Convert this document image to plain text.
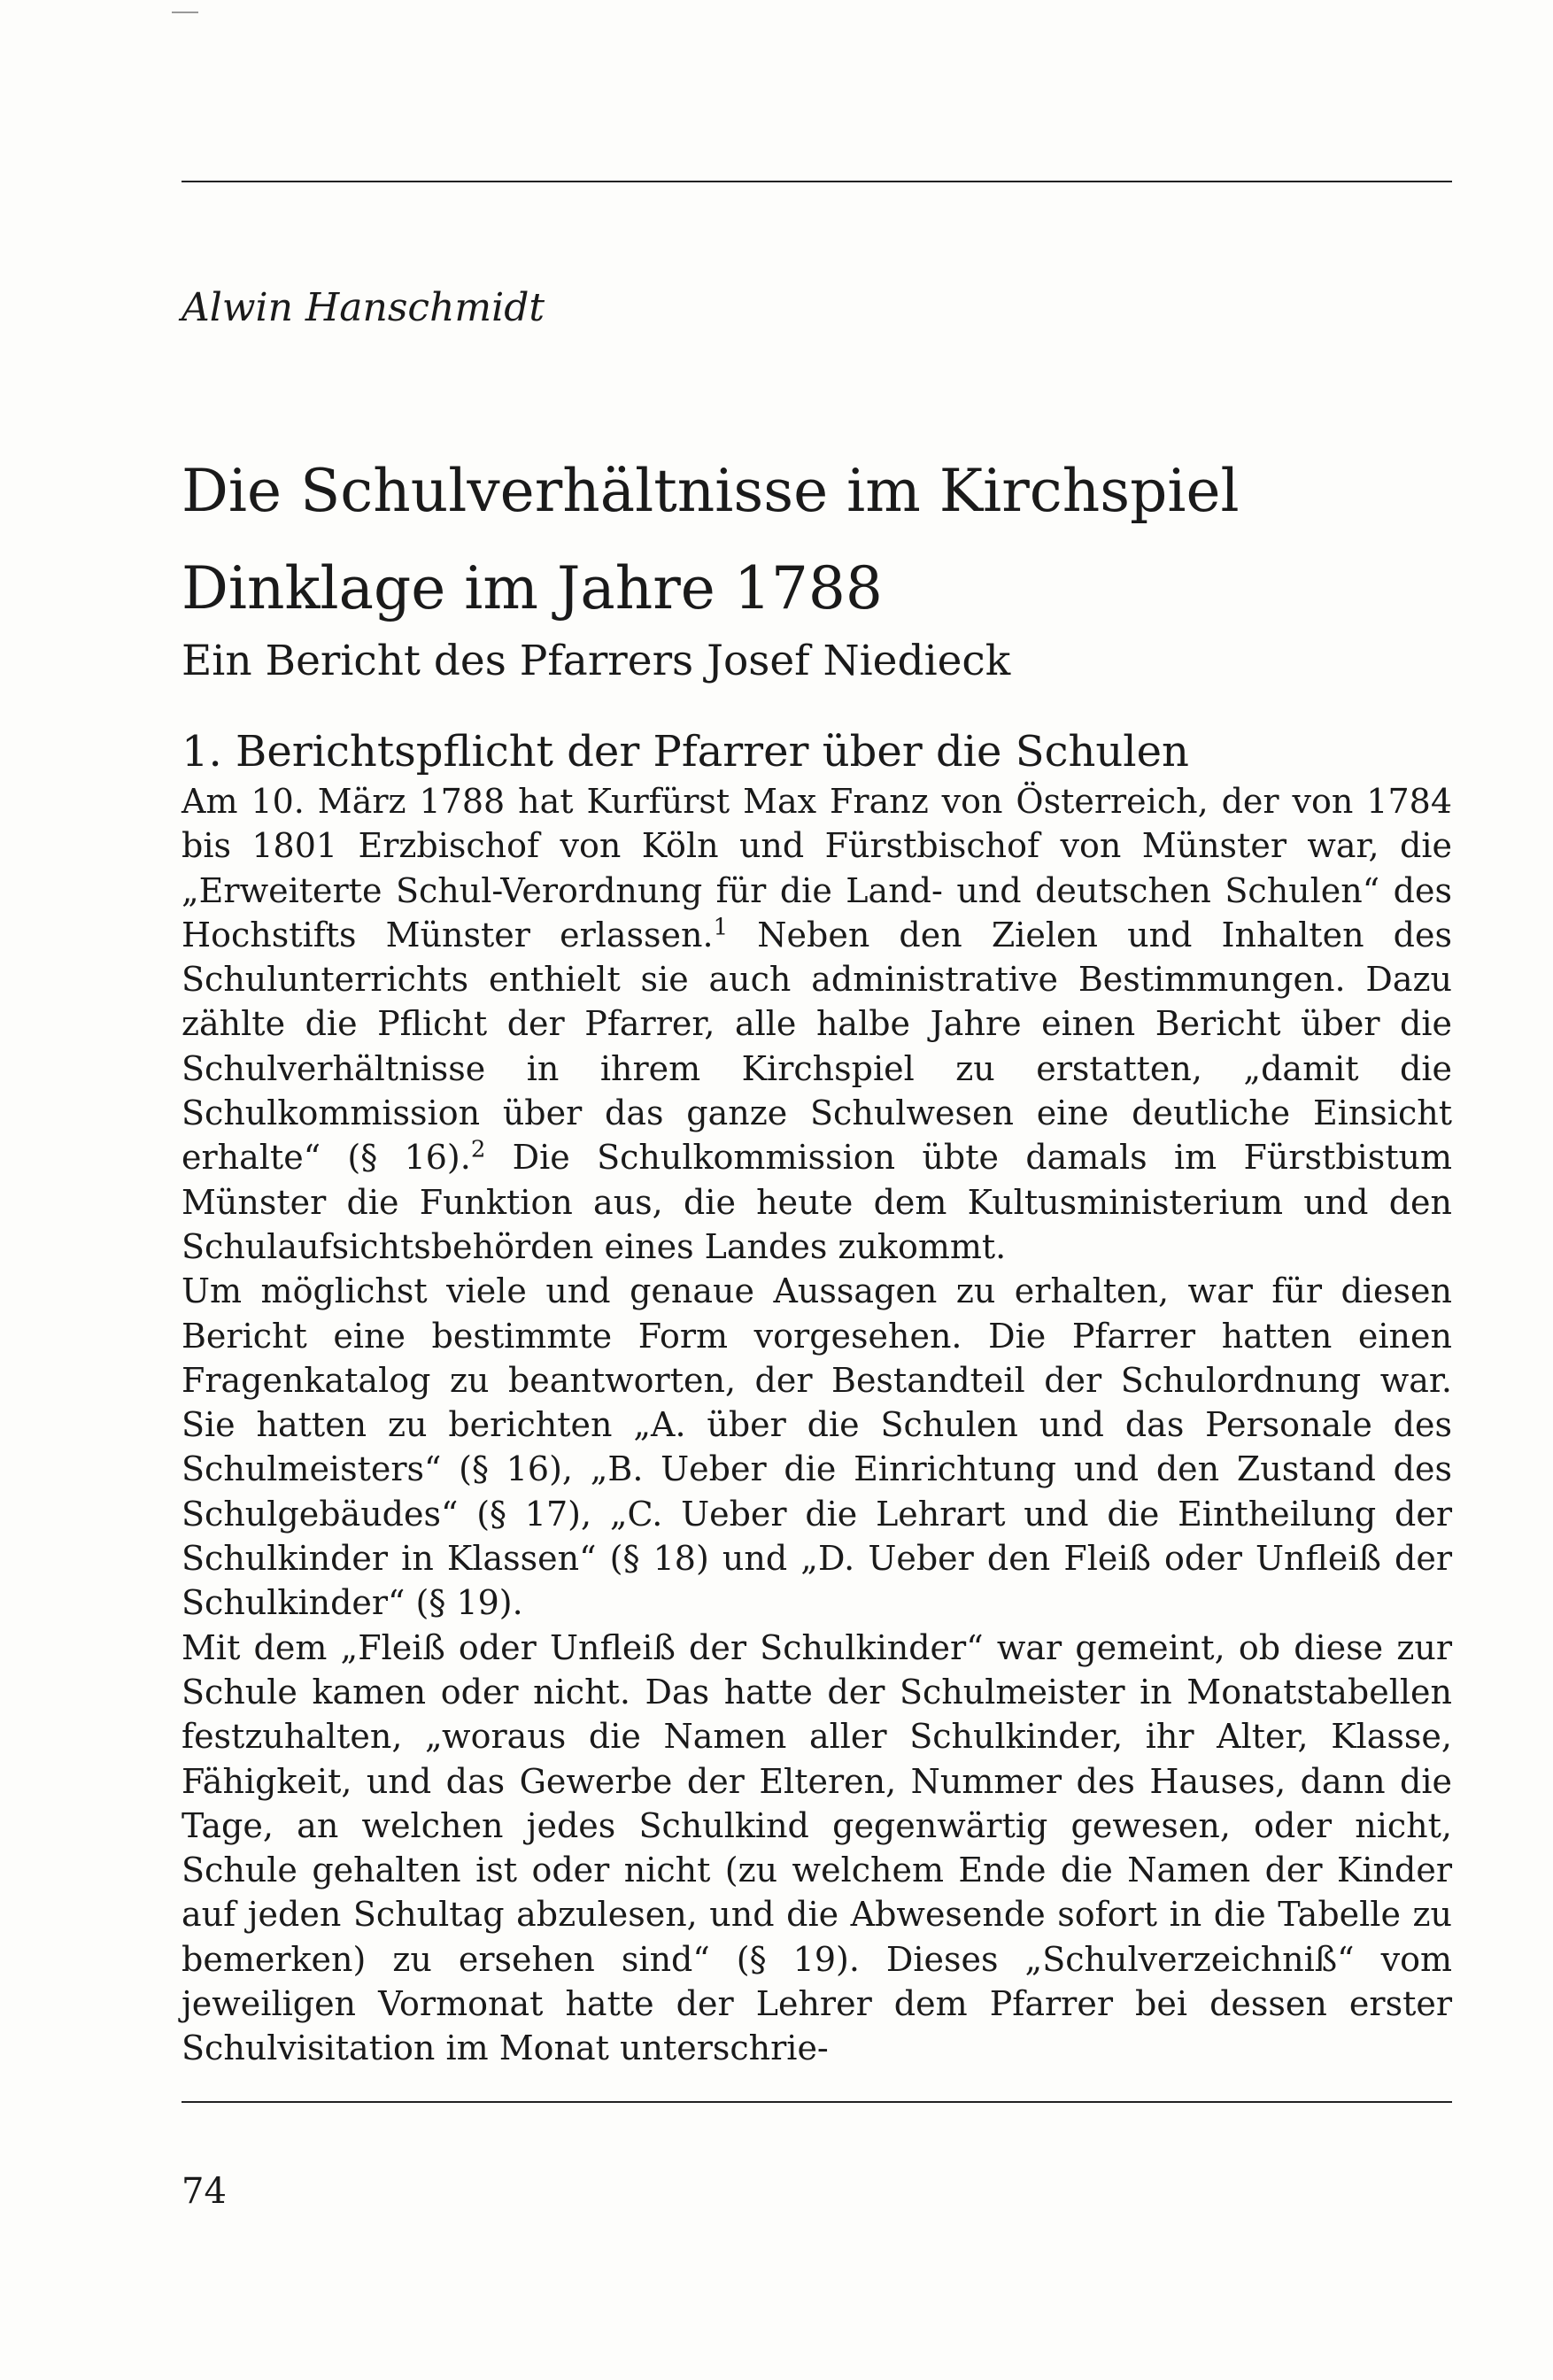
Alwin Hanschmidt
Die Schulverhältnisse im Kirchspiel Dinklage im Jahre 1788
Ein Bericht des Pfarrers Josef Niedieck
1. Berichtspflicht der Pfarrer über die Schulen

Am 10. März 1788 hat Kurfürst Max Franz von Österreich, der von 1784 bis 1801 Erzbischof von Köln und Fürstbischof von Münster war, die „Erweiterte Schul-Verordnung für die Land- und deutschen Schulen“ des Hochstifts Münster erlassen.$^1$ Neben den Zielen und Inhalten des Schulunterrichts enthielt sie auch administrative Bestimmungen. Dazu zählte die Pflicht der Pfarrer, alle halbe Jahre einen Bericht über die Schulverhältnisse in ihrem Kirchspiel zu erstatten, „damit die Schulkommission über das ganze Schulwesen eine deutliche Einsicht erhalte“ (§ 16).$^2$ Die Schulkommission übte damals im Fürstbistum Münster die Funktion aus, die heute dem Kultusministerium und den Schulaufsichtsbehörden eines Landes zukommt.

Um möglichst viele und genaue Aussagen zu erhalten, war für diesen Bericht eine bestimmte Form vorgesehen. Die Pfarrer hatten einen Fragenkatalog zu beantworten, der Bestandteil der Schulordnung war. Sie hatten zu berichten „A. über die Schulen und das Personale des Schulmeisters“ (§ 16), „B. Ueber die Einrichtung und den Zustand des Schulgebäudes“ (§ 17), „C. Ueber die Lehrart und die Eintheilung der Schulkinder in Klassen“ (§ 18) und „D. Ueber den Fleiß oder Unfleiß der Schulkinder“ (§ 19).

Mit dem „Fleiß oder Unfleiß der Schulkinder“ war gemeint, ob diese zur Schule kamen oder nicht. Das hatte der Schulmeister in Monatstabellen festzuhalten, „woraus die Namen aller Schulkinder, ihr Alter, Klasse, Fähigkeit, und das Gewerbe der Elteren, Nummer des Hauses, dann die Tage, an welchen jedes Schulkind gegenwärtig gewesen, oder nicht, Schule gehalten ist oder nicht (zu welchem Ende die Namen der Kinder auf jeden Schultag abzulesen, und die Abwesende sofort in die Tabelle zu bemerken) zu ersehen sind“ (§ 19). Dieses „Schulverzeichniß“ vom jeweiligen Vormonat hatte der Lehrer dem Pfarrer bei dessen erster Schulvisitation im Monat unterschrie-

74
